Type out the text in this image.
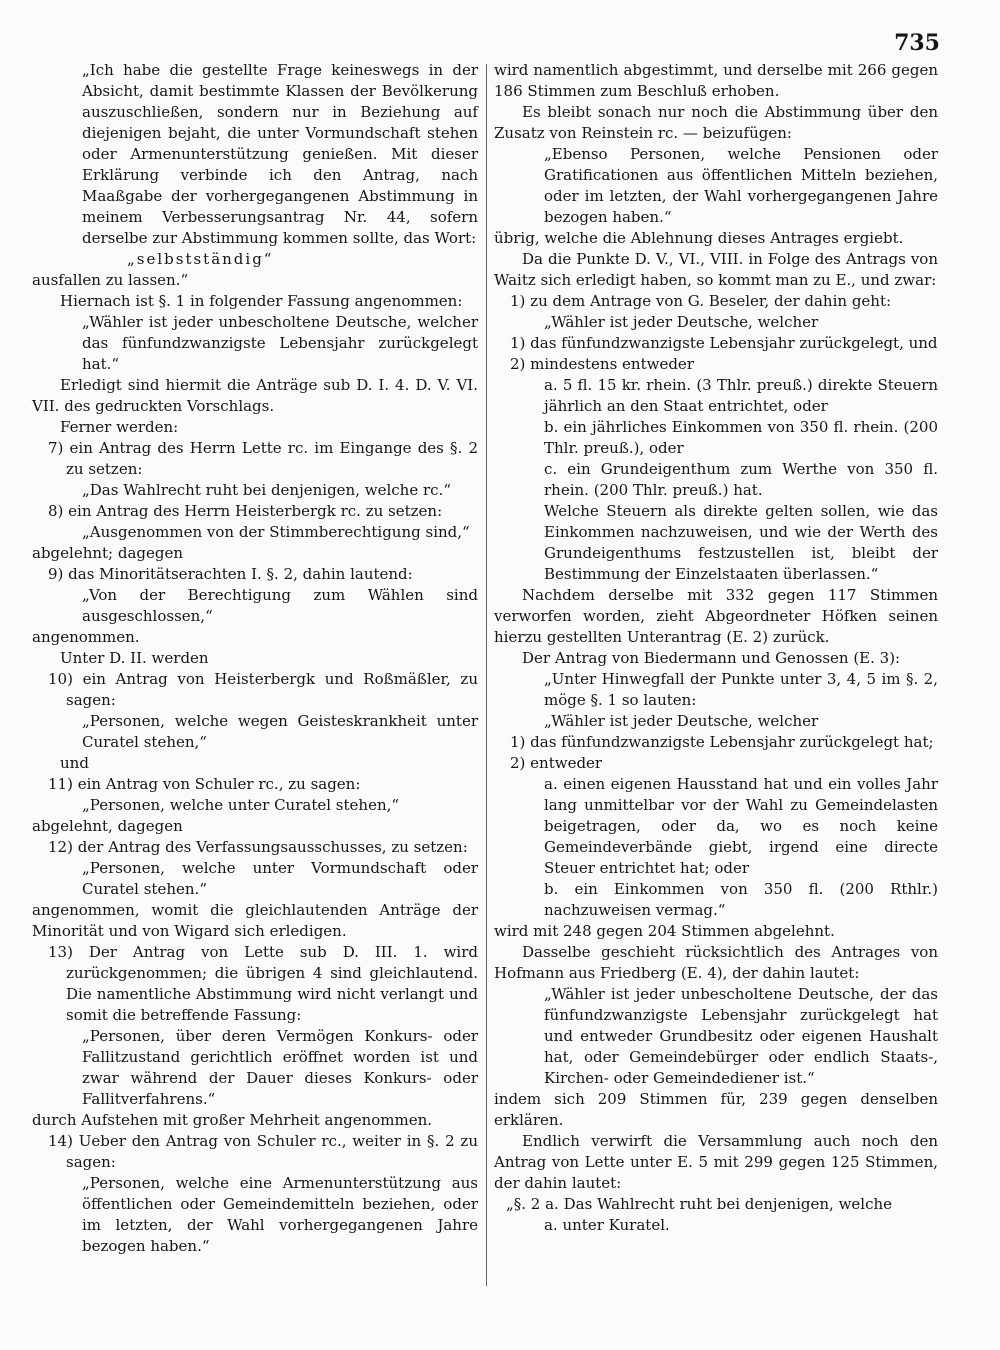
735

„Ich habe die gestellte Frage keineswegs in der Absicht, damit bestimmte Klassen der Bevölkerung auszuschließen, sondern nur in Beziehung auf diejenigen bejaht, die unter Vormundschaft stehen oder Armenunterstützung genießen. Mit dieser Erklärung verbinde ich den Antrag, nach Maaßgabe der vorhergegangenen Abstimmung in meinem Verbesserungsantrag Nr. 44, sofern derselbe zur Abstimmung kommen sollte, das Wort:

„selbstständig“

ausfallen zu lassen.“

Hiernach ist §. 1 in folgender Fassung angenommen:

„Wähler ist jeder unbescholtene Deutsche, welcher das fünfundzwanzigste Lebensjahr zurückgelegt hat.“

Erledigt sind hiermit die Anträge sub D. I. 4. D. V. VI. VII. des gedruckten Vorschlags.

Ferner werden:

7) ein Antrag des Herrn Lette rc. im Eingange des §. 2 zu setzen:

„Das Wahlrecht ruht bei denjenigen, welche rc.“

8) ein Antrag des Herrn Heisterbergk rc. zu setzen:

„Ausgenommen von der Stimmberechtigung sind,“

abgelehnt; dagegen

9) das Minoritätserachten I. §. 2, dahin lautend:

„Von der Berechtigung zum Wählen sind ausgeschlossen,“

angenommen.

Unter D. II. werden

10) ein Antrag von Heisterbergk und Roßmäßler, zu sagen:

„Personen, welche wegen Geisteskrankheit unter Curatel stehen,“

und

11) ein Antrag von Schuler rc., zu sagen:

„Personen, welche unter Curatel stehen,“

abgelehnt, dagegen

12) der Antrag des Verfassungsausschusses, zu setzen:

„Personen, welche unter Vormundschaft oder Curatel stehen.“

angenommen, womit die gleichlautenden Anträge der Minorität und von Wigard sich erledigen.

13) Der Antrag von Lette sub D. III. 1. wird zurückgenommen; die übrigen 4 sind gleichlautend. Die namentliche Abstimmung wird nicht verlangt und somit die betreffende Fassung:

„Personen, über deren Vermögen Konkurs- oder Fallitzustand gerichtlich eröffnet worden ist und zwar während der Dauer dieses Konkurs- oder Fallitverfahrens.“

durch Aufstehen mit großer Mehrheit angenommen.

14) Ueber den Antrag von Schuler rc., weiter in §. 2 zu sagen:

„Personen, welche eine Armenunterstützung aus öffentlichen oder Gemeindemitteln beziehen, oder im letzten, der Wahl vorhergegangenen Jahre bezogen haben.“

wird namentlich abgestimmt, und derselbe mit 266 gegen 186 Stimmen zum Beschluß erhoben.

Es bleibt sonach nur noch die Abstimmung über den Zusatz von Reinstein rc. — beizufügen:

„Ebenso Personen, welche Pensionen oder Gratificationen aus öffentlichen Mitteln beziehen, oder im letzten, der Wahl vorhergegangenen Jahre bezogen haben.“

übrig, welche die Ablehnung dieses Antrages ergiebt.

Da die Punkte D. V., VI., VIII. in Folge des Antrags von Waitz sich erledigt haben, so kommt man zu E., und zwar:

1) zu dem Antrage von G. Beseler, der dahin geht:

„Wähler ist jeder Deutsche, welcher

1) das fünfundzwanzigste Lebensjahr zurückgelegt, und

2) mindestens entweder

a. 5 fl. 15 kr. rhein. (3 Thlr. preuß.) direkte Steuern jährlich an den Staat entrichtet, oder

b. ein jährliches Einkommen von 350 fl. rhein. (200 Thlr. preuß.), oder

c. ein Grundeigenthum zum Werthe von 350 fl. rhein. (200 Thlr. preuß.) hat.

Welche Steuern als direkte gelten sollen, wie das Einkommen nachzuweisen, und wie der Werth des Grundeigenthums festzustellen ist, bleibt der Bestimmung der Einzelstaaten überlassen.“

Nachdem derselbe mit 332 gegen 117 Stimmen verworfen worden, zieht Abgeordneter Höfken seinen hierzu gestellten Unterantrag (E. 2) zurück.

Der Antrag von Biedermann und Genossen (E. 3):

„Unter Hinwegfall der Punkte unter 3, 4, 5 im §. 2, möge §. 1 so lauten:

„Wähler ist jeder Deutsche, welcher

1) das fünfundzwanzigste Lebensjahr zurückgelegt hat;

2) entweder

a. einen eigenen Hausstand hat und ein volles Jahr lang unmittelbar vor der Wahl zu Gemeindelasten beigetragen, oder da, wo es noch keine Gemeindeverbände giebt, irgend eine directe Steuer entrichtet hat; oder

b. ein Einkommen von 350 fl. (200 Rthlr.) nachzuweisen vermag.“

wird mit 248 gegen 204 Stimmen abgelehnt.

Dasselbe geschieht rücksichtlich des Antrages von Hofmann aus Friedberg (E. 4), der dahin lautet:

„Wähler ist jeder unbescholtene Deutsche, der das fünfundzwanzigste Lebensjahr zurückgelegt hat und entweder Grundbesitz oder eigenen Haushalt hat, oder Gemeindebürger oder endlich Staats-, Kirchen- oder Gemeindediener ist.“

indem sich 209 Stimmen für, 239 gegen denselben erklären.

Endlich verwirft die Versammlung auch noch den Antrag von Lette unter E. 5 mit 299 gegen 125 Stimmen, der dahin lautet:

„§. 2 a. Das Wahlrecht ruht bei denjenigen, welche

a. unter Kuratel.
